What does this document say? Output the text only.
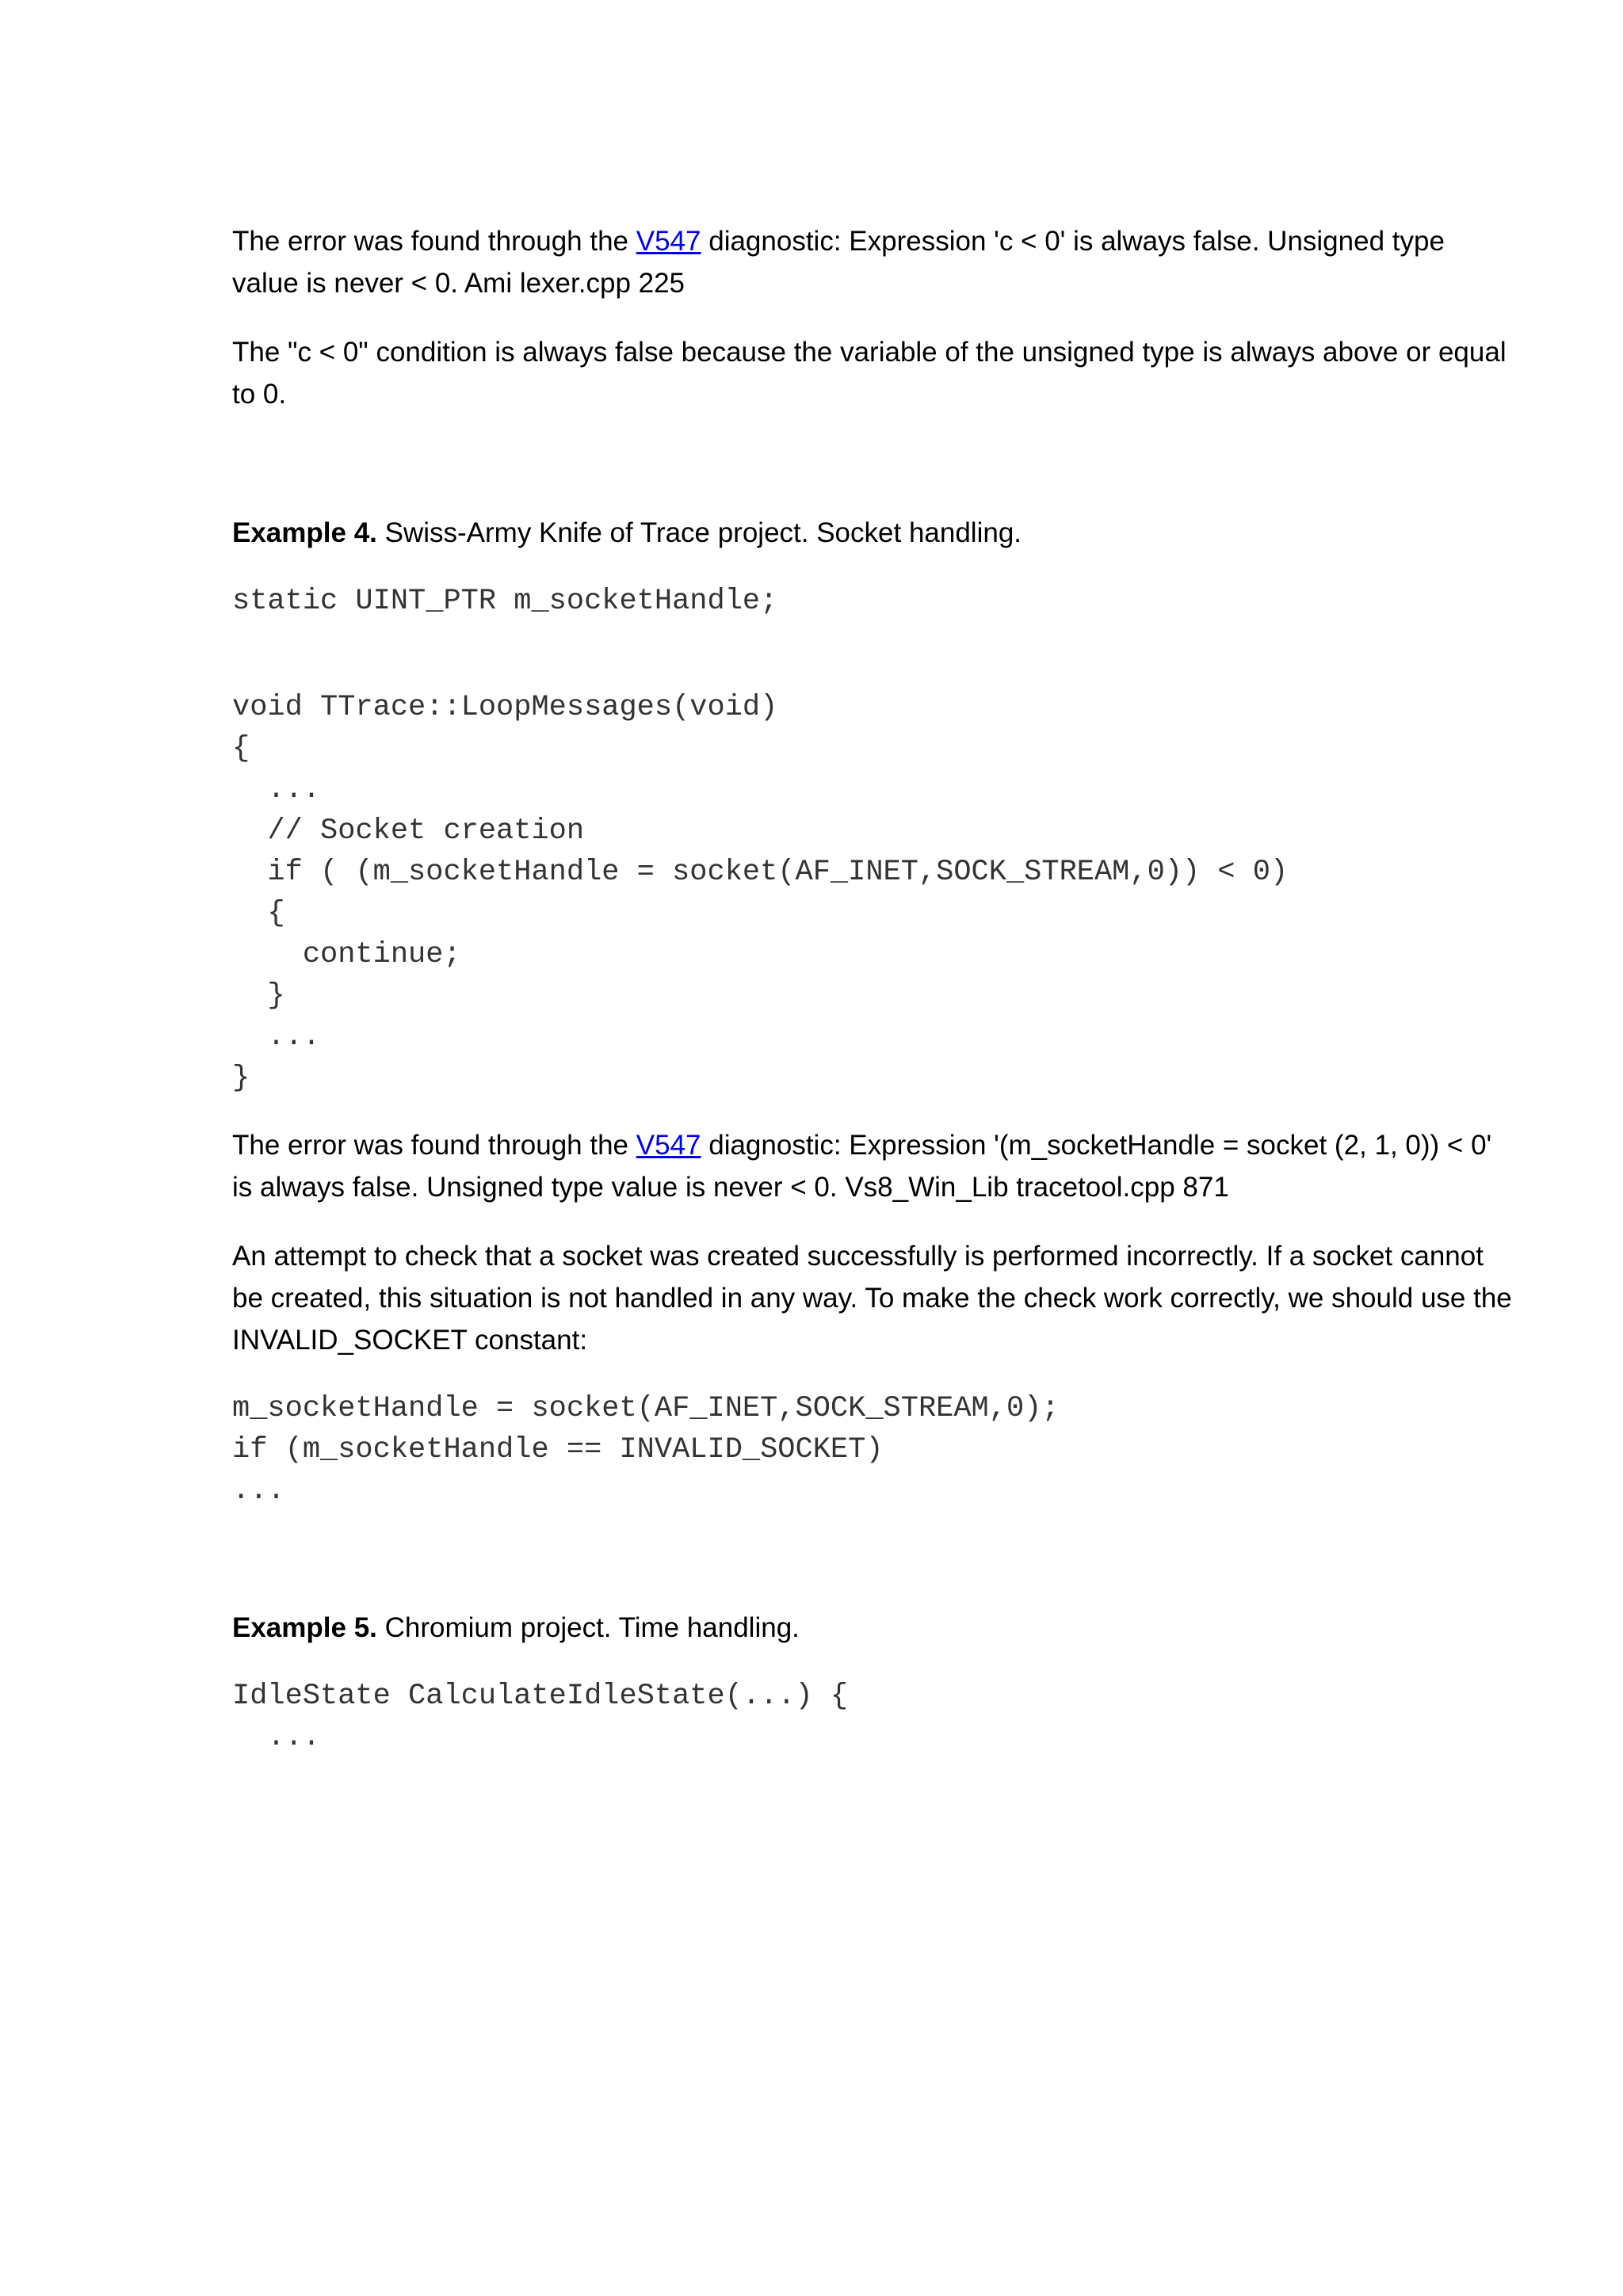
The error was found through the V547 diagnostic: Expression 'c < 0' is always false. Unsigned type value is never < 0. Ami lexer.cpp 225

The "c < 0" condition is always false because the variable of the unsigned type is always above or equal to 0.

Example 4. Swiss-Army Knife of Trace project. Socket handling.

static UINT_PTR m_socketHandle;
void TTrace::LoopMessages(void)
{
...
// Socket creation
if ( (m_socketHandle = socket(AF_INET,SOCK_STREAM,0)) < 0)
{
continue;
}
...
}

The error was found through the V547 diagnostic: Expression '(m_socketHandle = socket (2, 1, 0)) < 0' is always false. Unsigned type value is never < 0. Vs8_Win_Lib tracetool.cpp 871

An attempt to check that a socket was created successfully is performed incorrectly. If a socket cannot be created, this situation is not handled in any way. To make the check work correctly, we should use the INVALID_SOCKET constant:

m_socketHandle = socket(AF_INET,SOCK_STREAM,0);
if (m_socketHandle == INVALID_SOCKET)
...

Example 5. Chromium project. Time handling.

IdleState CalculateIdleState(...) {
...
